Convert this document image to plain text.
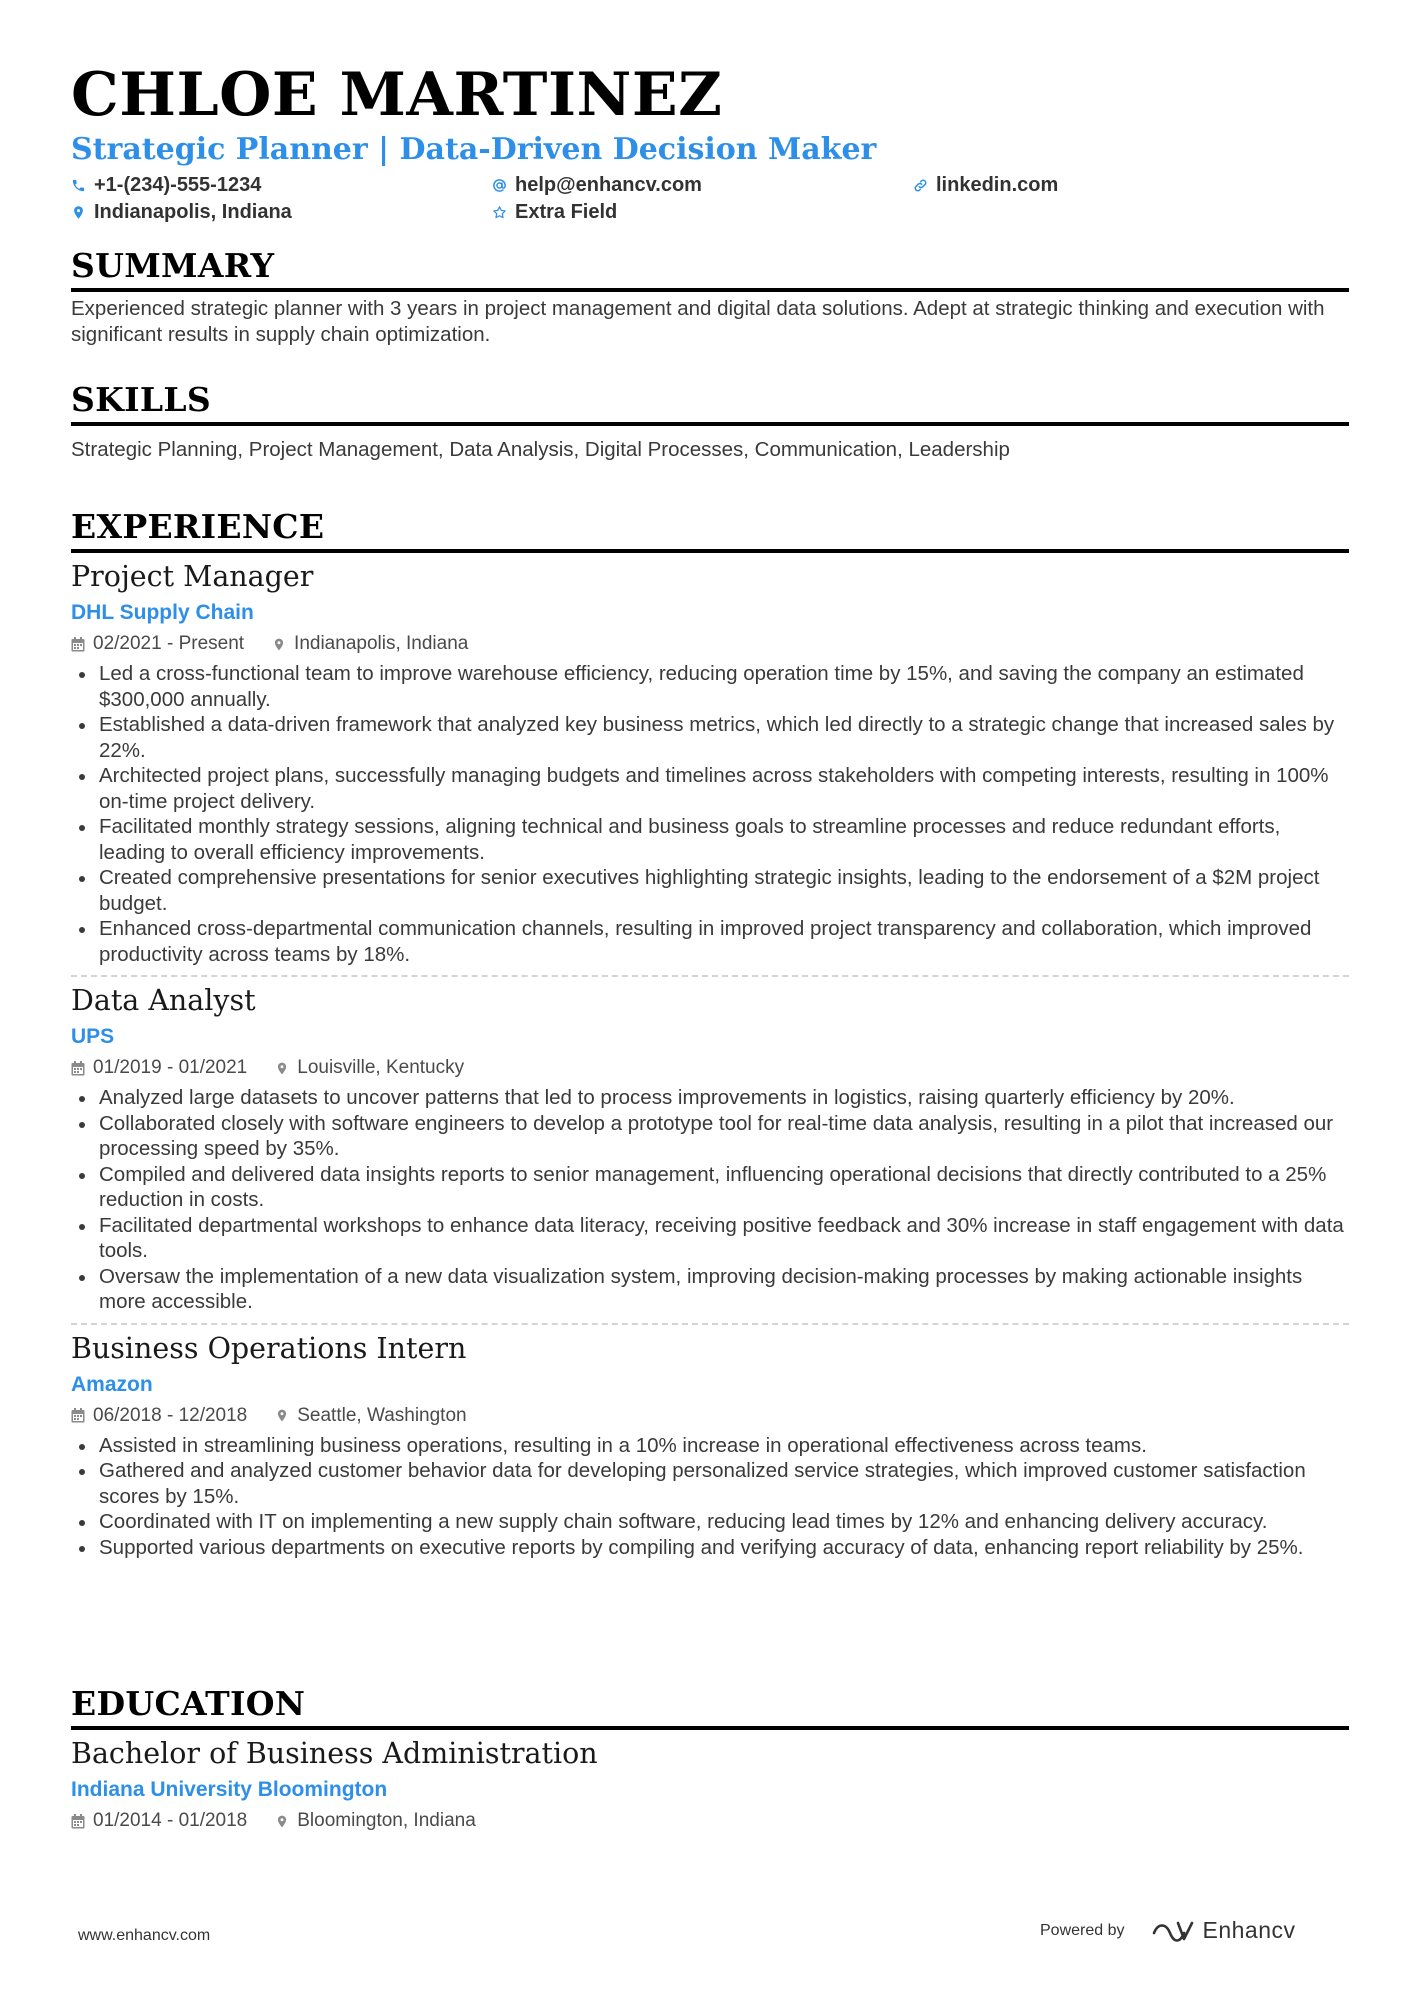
CHLOE MARTINEZ
Strategic Planner | Data-Driven Decision Maker
+1-(234)-555-1234	help@enhancv.com	linkedin.com
Indianapolis, Indiana	Extra Field
SUMMARY
Experienced strategic planner with 3 years in project management and digital data solutions. Adept at strategic thinking and execution with significant results in supply chain optimization.
SKILLS
Strategic Planning, Project Management, Data Analysis, Digital Processes, Communication, Leadership
EXPERIENCE
Project Manager
DHL Supply Chain
02/2021 - Present	Indianapolis, Indiana
Led a cross-functional team to improve warehouse efficiency, reducing operation time by 15%, and saving the company an estimated $300,000 annually.
Established a data-driven framework that analyzed key business metrics, which led directly to a strategic change that increased sales by 22%.
Architected project plans, successfully managing budgets and timelines across stakeholders with competing interests, resulting in 100% on-time project delivery.
Facilitated monthly strategy sessions, aligning technical and business goals to streamline processes and reduce redundant efforts, leading to overall efficiency improvements.
Created comprehensive presentations for senior executives highlighting strategic insights, leading to the endorsement of a $2M project budget.
Enhanced cross-departmental communication channels, resulting in improved project transparency and collaboration, which improved productivity across teams by 18%.
Data Analyst
UPS
01/2019 - 01/2021	Louisville, Kentucky
Analyzed large datasets to uncover patterns that led to process improvements in logistics, raising quarterly efficiency by 20%.
Collaborated closely with software engineers to develop a prototype tool for real-time data analysis, resulting in a pilot that increased our processing speed by 35%.
Compiled and delivered data insights reports to senior management, influencing operational decisions that directly contributed to a 25% reduction in costs.
Facilitated departmental workshops to enhance data literacy, receiving positive feedback and 30% increase in staff engagement with data tools.
Oversaw the implementation of a new data visualization system, improving decision-making processes by making actionable insights more accessible.
Business Operations Intern
Amazon
06/2018 - 12/2018	Seattle, Washington
Assisted in streamlining business operations, resulting in a 10% increase in operational effectiveness across teams.
Gathered and analyzed customer behavior data for developing personalized service strategies, which improved customer satisfaction scores by 15%.
Coordinated with IT on implementing a new supply chain software, reducing lead times by 12% and enhancing delivery accuracy.
Supported various departments on executive reports by compiling and verifying accuracy of data, enhancing report reliability by 25%.
EDUCATION
Bachelor of Business Administration
Indiana University Bloomington
01/2014 - 01/2018	Bloomington, Indiana
www.enhancv.com	Powered by	Enhancv
